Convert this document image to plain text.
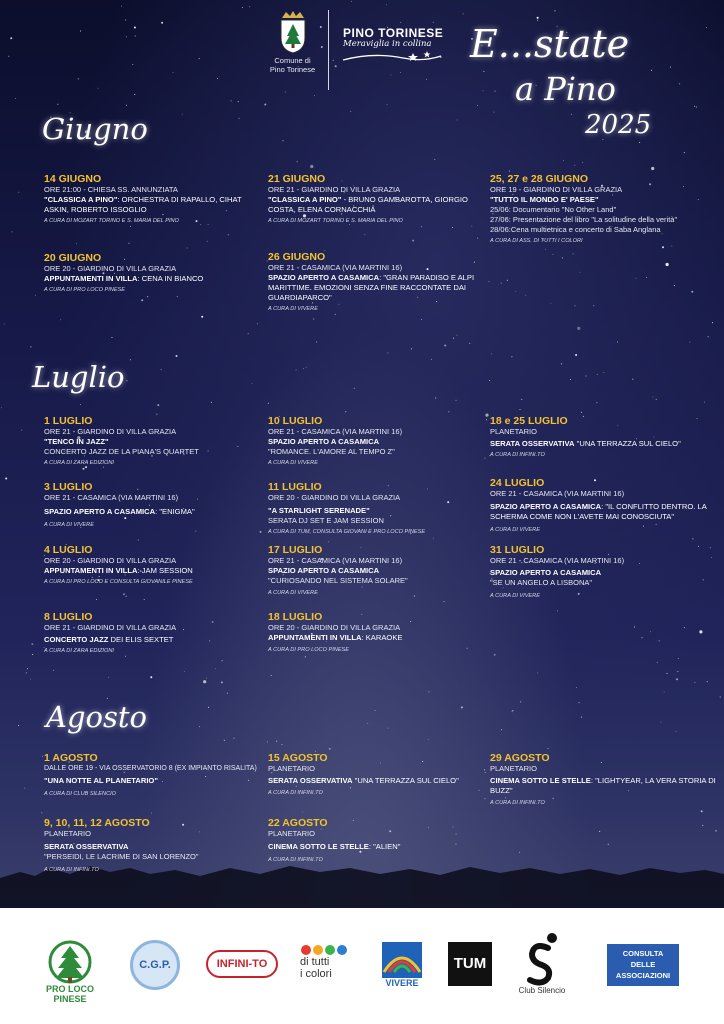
Comune di
Pino Torinese
PINO TORINESE
Meraviglia in collina	E...state
a Pino
2025
Giugno
Luglio
Agosto
14 GIUGNO
ORE 21:00 - CHIESA SS. ANNUNZIATA
"CLASSICA A PINO": ORCHESTRA DI RAPALLO, CIHAT ASKIN, ROBERTO ISSOGLIO
A CURA DI MOZART TORINO E S. MARIA DEL PINO
20 GIUGNO
ORE 20 - GIARDINO DI VILLA GRAZIA
APPUNTAMENTI IN VILLA: CENA IN BIANCO
A CURA DI PRO LOCO PINESE
21 GIUGNO
ORE 21 - GIARDINO DI VILLA GRAZIA
"CLASSICA A PINO" - BRUNO GAMBAROTTA, GIORGIO COSTA, ELENA CORNACCHIA
A CURA DI MOZART TORINO E S. MARIA DEL PINO
26 GIUGNO
ORE 21 - CASAMICA (VIA MARTINI 16)
SPAZIO APERTO A CASAMICA: "GRAN PARADISO E ALPI MARITTIME. EMOZIONI SENZA FINE RACCONTATE DAI GUARDIAPARCO"
A CURA DI VIVERE
25, 27 e 28 GIUGNO
ORE 19 - GIARDINO DI VILLA GRAZIA
"TUTTO IL MONDO E' PAESE"
25/06: Documentario "No Other Land"
27/06: Presentazione del libro "La solitudine della verità"
28/06:Cena multietnica e concerto di Saba Anglana
A CURA DI ASS. DI TUTTI I COLORI
1 LUGLIO
ORE 21 - GIARDINO DI VILLA GRAZIA
"TENCO IN JAZZ"
CONCERTO JAZZ DE LA PIANA'S QUARTET
A CURA DI ZARA EDIZIONI
3 LUGLIO
ORE 21 - CASAMICA (VIA MARTINI 16)
SPAZIO APERTO A CASAMICA: "ENIGMA"
A CURA DI VIVERE
4 LUGLIO
ORE 20 - GIARDINO DI VILLA GRAZIA
APPUNTAMENTI IN VILLA: JAM SESSION
A CURA DI PRO LOCO E CONSULTA GIOVANILE PINESE
8 LUGLIO
ORE 21 - GIARDINO DI VILLA GRAZIA
CONCERTO JAZZ DEI ELIS SEXTET
A CURA DI ZARA EDIZIONI
10 LUGLIO
ORE 21 - CASAMICA (VIA MARTINI 16)
SPAZIO APERTO A CASAMICA
"ROMANCE. L'AMORE AL TEMPO Z"
A CURA DI VIVERE
11 LUGLIO
ORE 20 - GIARDINO DI VILLA GRAZIA
"A STARLIGHT SERENADE"
SERATA DJ SET E JAM SESSION
A CURA DI TUM, CONSULTA GIOVANI E PRO LOCO PINESE
17 LUGLIO
ORE 21 - CASAMICA (VIA MARTINI 16)
SPAZIO APERTO A CASAMICA
"CURIOSANDO NEL SISTEMA SOLARE"
A CURA DI VIVERE
18 LUGLIO
ORE 20 - GIARDINO DI VILLA GRAZIA
APPUNTAMENTI IN VILLA: KARAOKE
A CURA DI PRO LOCO PINESE
18 e 25 LUGLIO
PLANETARIO
SERATA OSSERVATIVA "UNA TERRAZZA SUL CIELO"
A CURA DI INFINI.TO
24 LUGLIO
ORE 21 - CASAMICA (VIA MARTINI 16)
SPAZIO APERTO A CASAMICA: "IL CONFLITTO DENTRO. LA SCHERMA COME NON L'AVETE MAI CONOSCIUTA"
A CURA DI VIVERE
31 LUGLIO
ORE 21 - CASAMICA (VIA MARTINI 16)
SPAZIO APERTO A CASAMICA
"SE UN ANGELO A LISBONA"
A CURA DI VIVERE
1 AGOSTO
DALLE ORE 19 - VIA OSSERVATORIO 8 (EX IMPIANTO RISALITA)
"UNA NOTTE AL PLANETARIO"
A CURA DI CLUB SILENCIO
9, 10, 11, 12 AGOSTO
PLANETARIO
SERATA OSSERVATIVA
"PERSEIDI, LE LACRIME DI SAN LORENZO"
A CURA DI INFINI.TO
15 AGOSTO
PLANETARIO
SERATA OSSERVATIVA "UNA TERRAZZA SUL CIELO"
A CURA DI INFINI.TO
22 AGOSTO
PLANETARIO
CINEMA SOTTO LE STELLE: "ALIEN"
A CURA DI INFINI.TO
29 AGOSTO
PLANETARIO
CINEMA SOTTO LE STELLE: "LIGHTYEAR, LA VERA STORIA DI BUZZ"
A CURA DI INFINI.TO
PRO LOCO PINESE
C.G.P.	INFINI-TO	di tutti
i colori
VIVERE
TUM
Club Silencio
CONSULTA
DELLE
ASSOCIAZIONI
